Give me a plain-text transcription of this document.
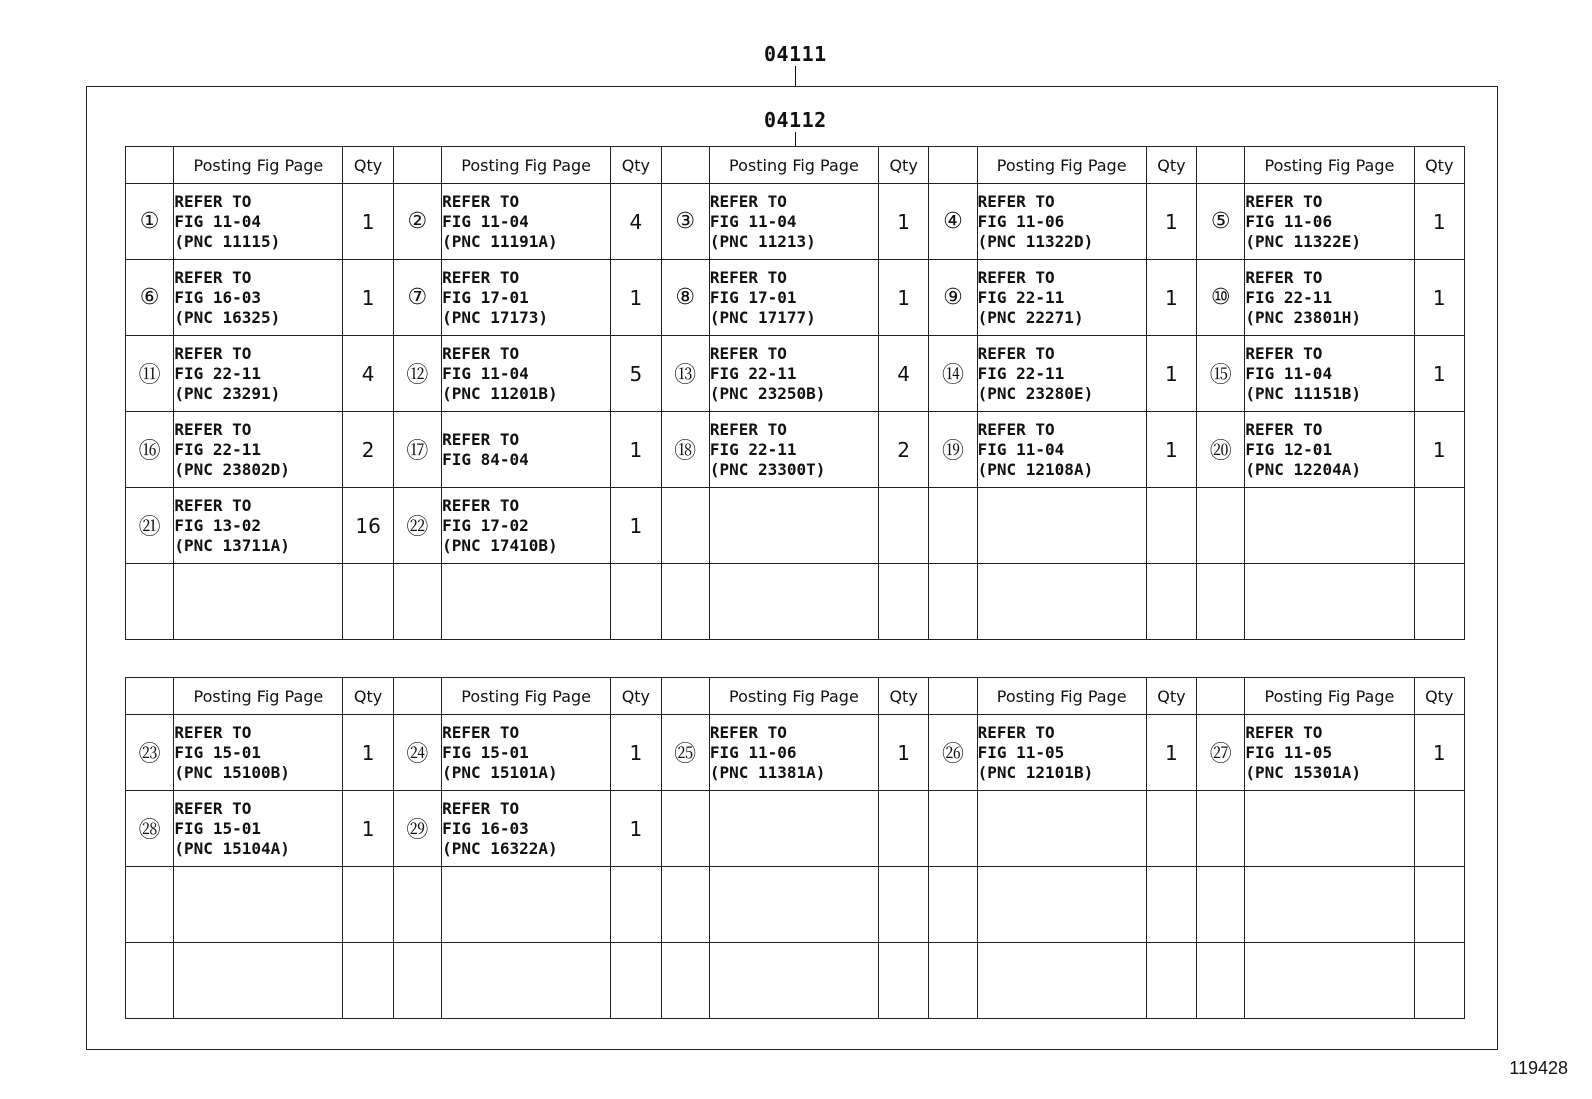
04111
04112
	Posting Fig Page	Qty		Posting Fig Page	Qty		Posting Fig Page	Qty		Posting Fig Page	Qty		Posting Fig Page	Qty
①	REFER TO
FIG 11-04
(PNC 11115)	1	②	REFER TO
FIG 11-04
(PNC 11191A)	4	③	REFER TO
FIG 11-04
(PNC 11213)	1	④	REFER TO
FIG 11-06
(PNC 11322D)	1	⑤	REFER TO
FIG 11-06
(PNC 11322E)	1
⑥	REFER TO
FIG 16-03
(PNC 16325)	1	⑦	REFER TO
FIG 17-01
(PNC 17173)	1	⑧	REFER TO
FIG 17-01
(PNC 17177)	1	⑨	REFER TO
FIG 22-11
(PNC 22271)	1	⑩	REFER TO
FIG 22-11
(PNC 23801H)	1
⑪	REFER TO
FIG 22-11
(PNC 23291)	4	⑫	REFER TO
FIG 11-04
(PNC 11201B)	5	⑬	REFER TO
FIG 22-11
(PNC 23250B)	4	⑭	REFER TO
FIG 22-11
(PNC 23280E)	1	⑮	REFER TO
FIG 11-04
(PNC 11151B)	1
⑯	REFER TO
FIG 22-11
(PNC 23802D)	2	⑰	REFER TO
FIG 84-04	1	⑱	REFER TO
FIG 22-11
(PNC 23300T)	2	⑲	REFER TO
FIG 11-04
(PNC 12108A)	1	⑳	REFER TO
FIG 12-01
(PNC 12204A)	1
㉑	REFER TO
FIG 13-02
(PNC 13711A)	16	㉒	REFER TO
FIG 17-02
(PNC 17410B)	1									

	Posting Fig Page	Qty		Posting Fig Page	Qty		Posting Fig Page	Qty		Posting Fig Page	Qty		Posting Fig Page	Qty
㉓	REFER TO
FIG 15-01
(PNC 15100B)	1	㉔	REFER TO
FIG 15-01
(PNC 15101A)	1	㉕	REFER TO
FIG 11-06
(PNC 11381A)	1	㉖	REFER TO
FIG 11-05
(PNC 12101B)	1	㉗	REFER TO
FIG 11-05
(PNC 15301A)	1
㉘	REFER TO
FIG 15-01
(PNC 15104A)	1	㉙	REFER TO
FIG 16-03
(PNC 16322A)	1									

119428
